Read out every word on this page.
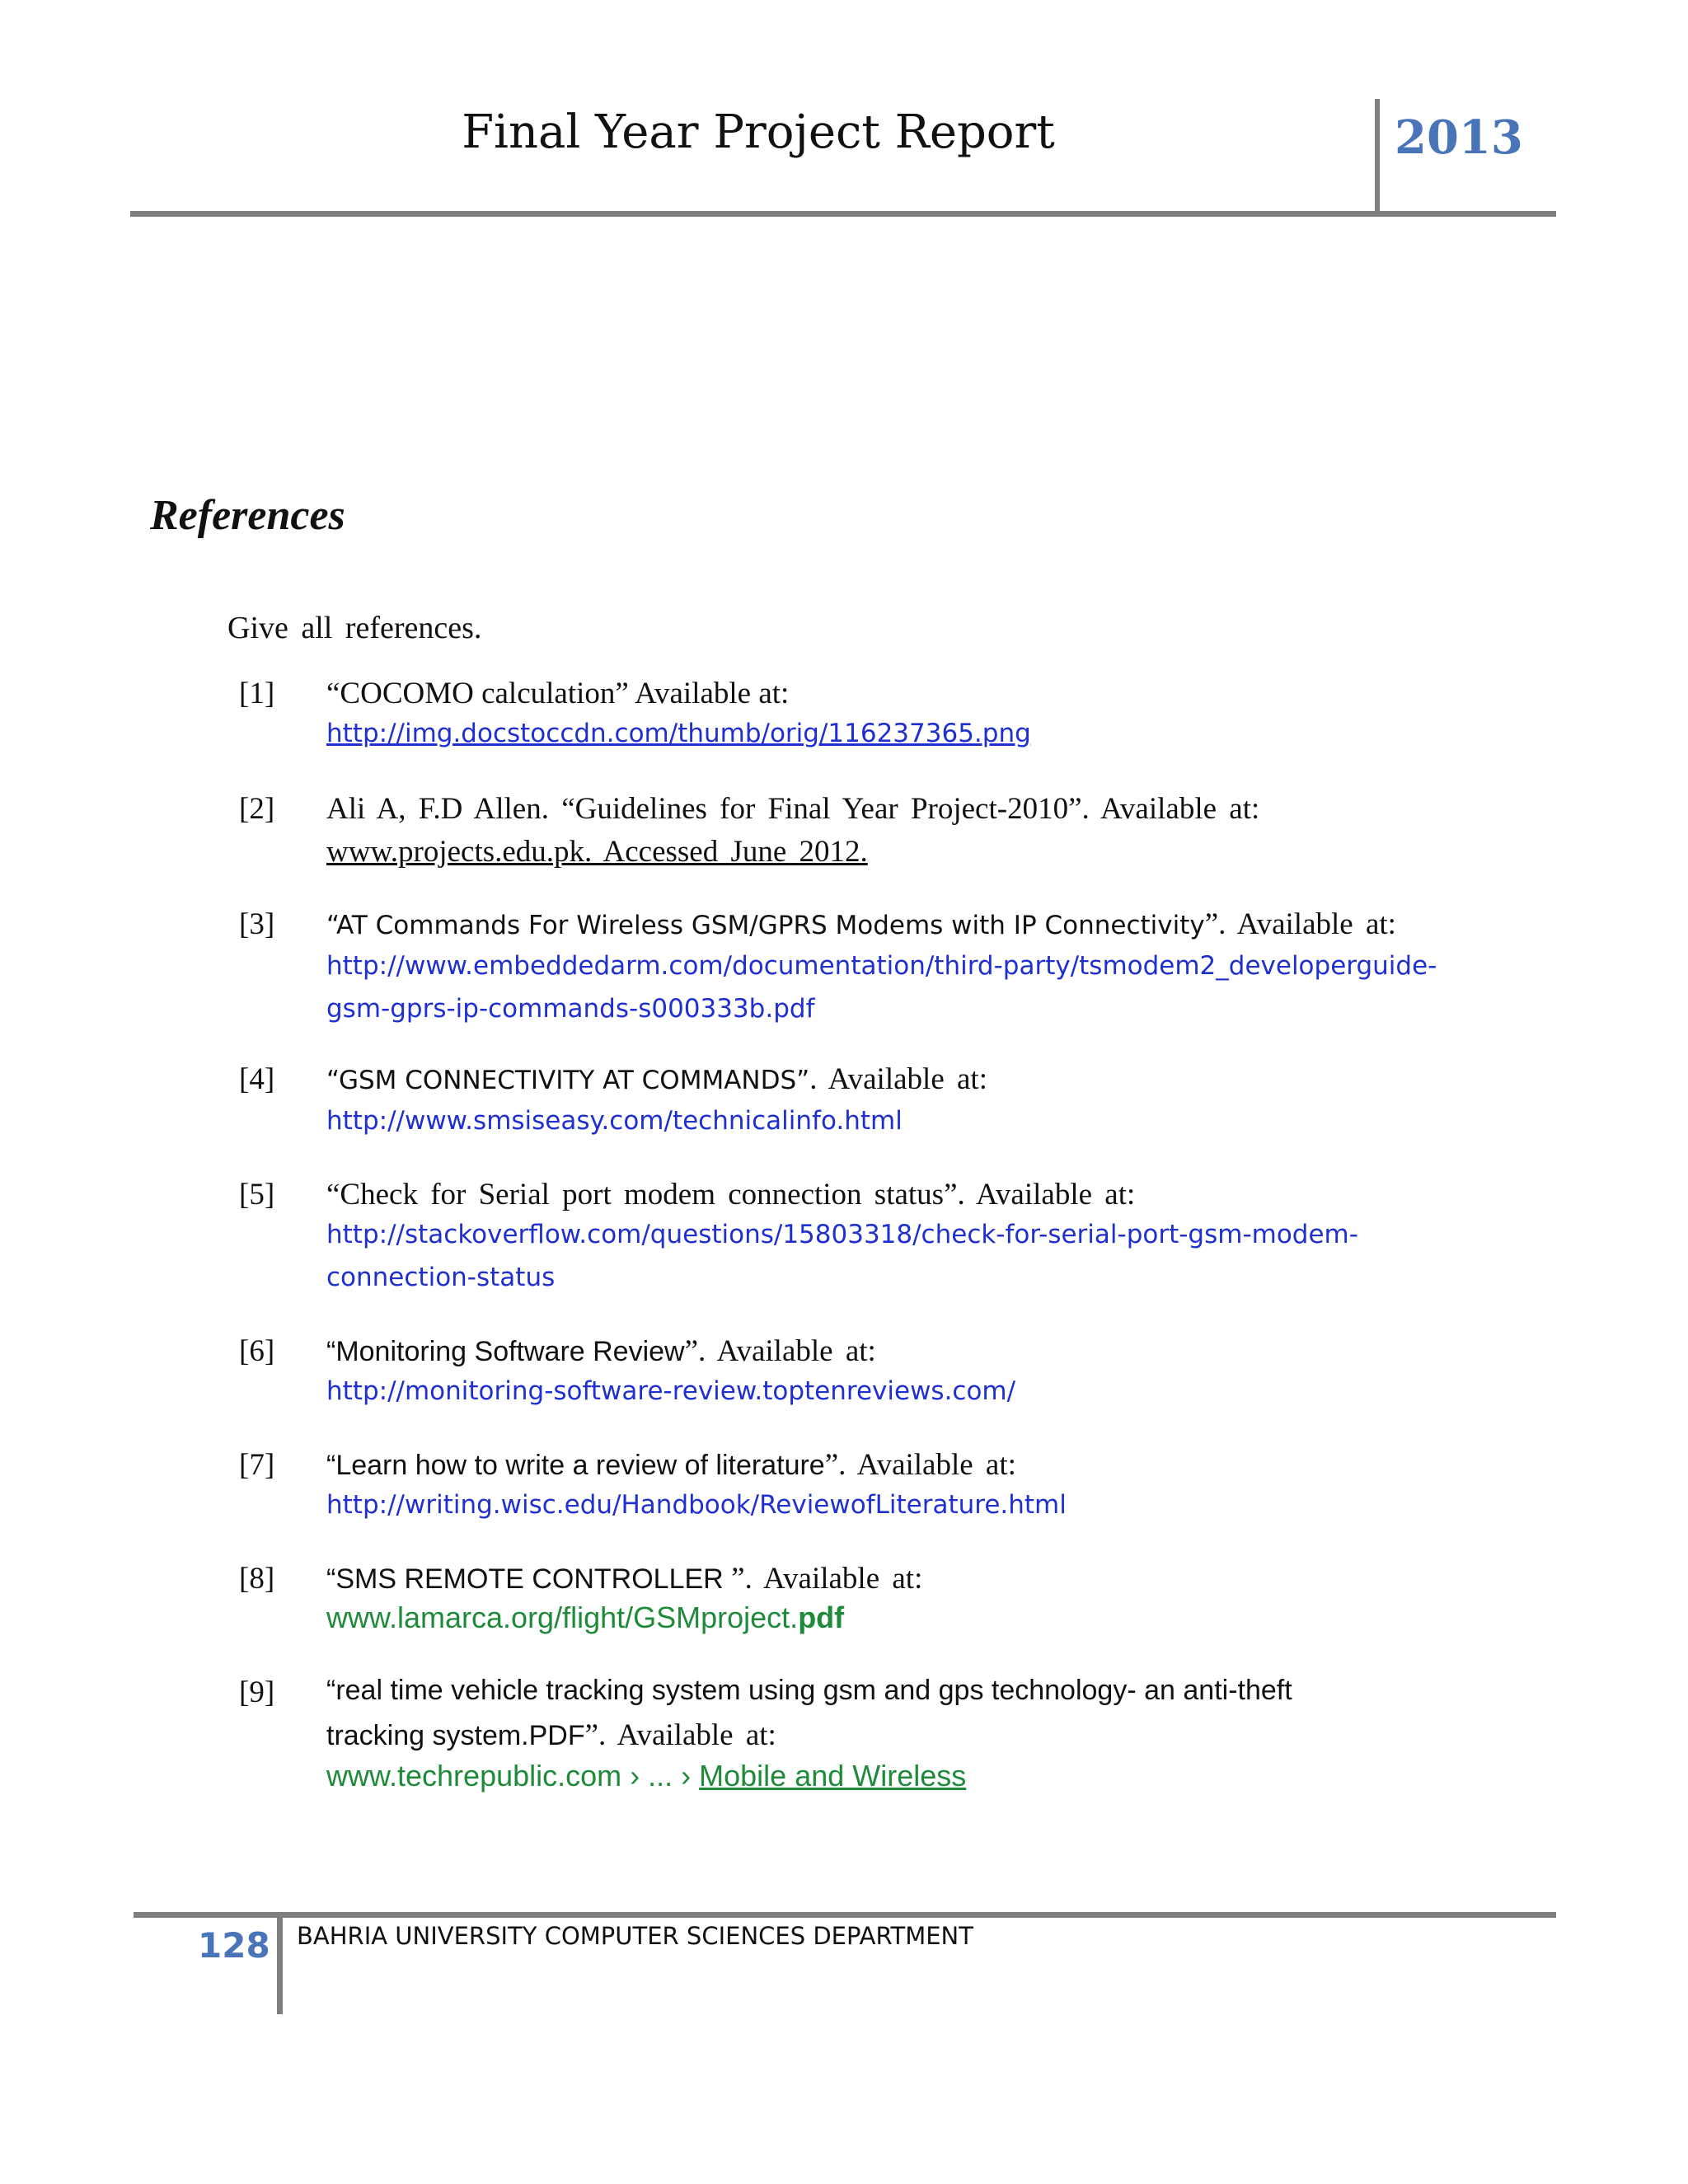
Final Year Project Report	2013
References
Give all references.
[1] “COCOMO calculation” Available at:
http://img.docstoccdn.com/thumb/orig/116237365.png
[2] Ali A, F.D Allen. “Guidelines for Final Year Project-2010”. Available at:
www.projects.edu.pk. Accessed June 2012.
[3] “AT Commands For Wireless GSM/GPRS Modems with IP Connectivity”. Available at:
http://www.embeddedarm.com/documentation/third-party/tsmodem2_developerguide-
gsm-gprs-ip-commands-s000333b.pdf
[4] “GSM CONNECTIVITY AT COMMANDS”. Available at:
http://www.smsiseasy.com/technicalinfo.html
[5] “Check for Serial port modem connection status”. Available at:
http://stackoverflow.com/questions/15803318/check-for-serial-port-gsm-modem-
connection-status
[6] “Monitoring Software Review”. Available at:
http://monitoring-software-review.toptenreviews.com/
[7] “Learn how to write a review of literature”. Available at:
http://writing.wisc.edu/Handbook/ReviewofLiterature.html
[8] “SMS REMOTE CONTROLLER ”. Available at:
www.lamarca.org/flight/GSMproject.pdf
[9] “real time vehicle tracking system using gsm and gps technology- an anti-theft
tracking system.PDF”. Available at:
www.techrepublic.com › ... › Mobile and Wireless
128 BAHRIA UNIVERSITY COMPUTER SCIENCES DEPARTMENT
